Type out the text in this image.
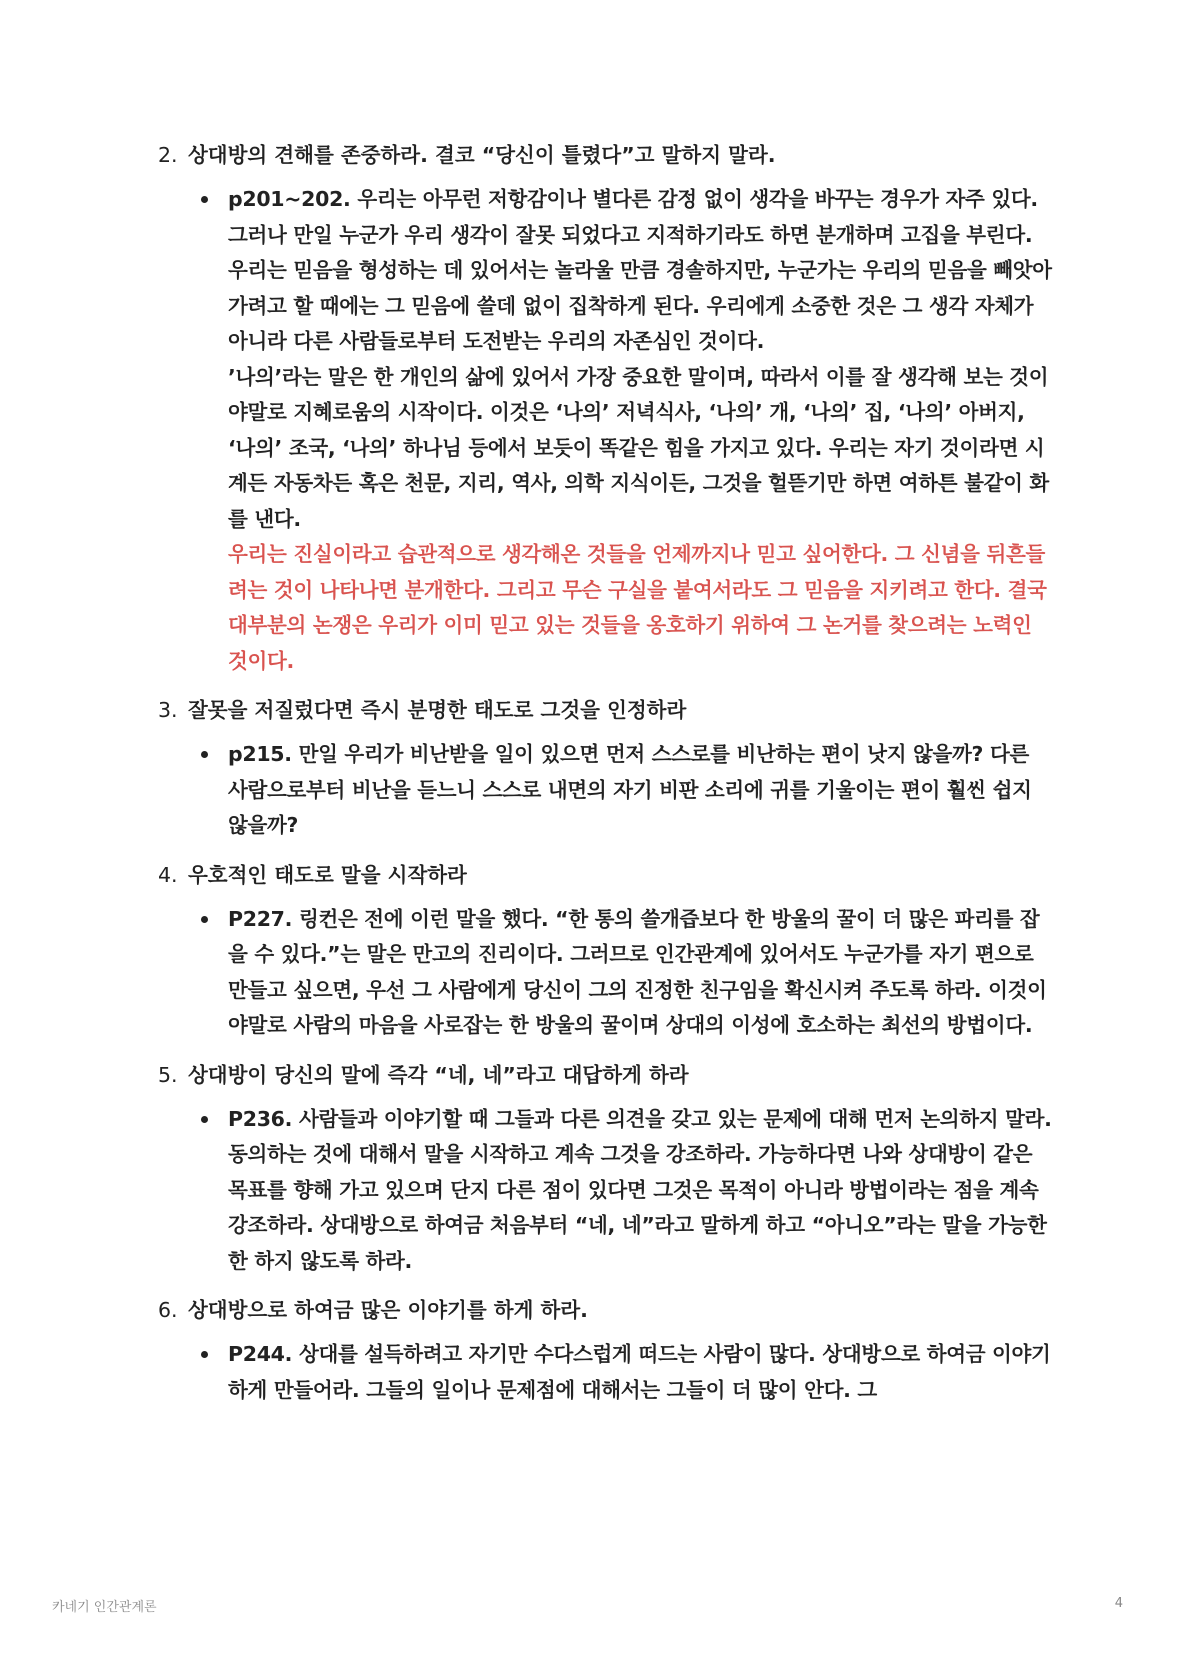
2. 상대방의 견해를 존중하라. 결코 “당신이 틀렸다”고 말하지 말라.

p201~202. 우리는 아무런 저항감이나 별다른 감정 없이 생각을 바꾸는 경우가 자주 있다. 그러나 만일 누군가 우리 생각이 잘못 되었다고 지적하기라도 하면 분개하며 고집을 부린다. 우리는 믿음을 형성하는 데 있어서는 놀라울 만큼 경솔하지만, 누군가는 우리의 믿음을 빼앗아 가려고 할 때에는 그 믿음에 쓸데 없이 집착하게 된다. 우리에게 소중한 것은 그 생각 자체가 아니라 다른 사람들로부터 도전받는 우리의 자존심인 것이다.

’나의’라는 말은 한 개인의 삶에 있어서 가장 중요한 말이며, 따라서 이를 잘 생각해 보는 것이야말로 지혜로움의 시작이다. 이것은 ‘나의’ 저녁식사, ‘나의’ 개, ‘나의’ 집, ‘나의’ 아버지, ‘나의’ 조국, ‘나의’ 하나님 등에서 보듯이 똑같은 힘을 가지고 있다. 우리는 자기 것이라면 시계든 자동차든 혹은 천문, 지리, 역사, 의학 지식이든, 그것을 헐뜯기만 하면 여하튼 불같이 화를 낸다.

우리는 진실이라고 습관적으로 생각해온 것들을 언제까지나 믿고 싶어한다. 그 신념을 뒤흔들려는 것이 나타나면 분개한다. 그리고 무슨 구실을 붙여서라도 그 믿음을 지키려고 한다. 결국 대부분의 논쟁은 우리가 이미 믿고 있는 것들을 옹호하기 위하여 그 논거를 찾으려는 노력인 것이다.

3. 잘못을 저질렀다면 즉시 분명한 태도로 그것을 인정하라

p215. 만일 우리가 비난받을 일이 있으면 먼저 스스로를 비난하는 편이 낫지 않을까? 다른 사람으로부터 비난을 듣느니 스스로 내면의 자기 비판 소리에 귀를 기울이는 편이 훨씬 쉽지 않을까?

4. 우호적인 태도로 말을 시작하라

P227. 링컨은 전에 이런 말을 했다. “한 통의 쓸개즙보다 한 방울의 꿀이 더 많은 파리를 잡을 수 있다.”는 말은 만고의 진리이다. 그러므로 인간관계에 있어서도 누군가를 자기 편으로 만들고 싶으면, 우선 그 사람에게 당신이 그의 진정한 친구임을 확신시켜 주도록 하라. 이것이야말로 사람의 마음을 사로잡는 한 방울의 꿀이며 상대의 이성에 호소하는 최선의 방법이다.

5. 상대방이 당신의 말에 즉각 “네, 네”라고 대답하게 하라

P236. 사람들과 이야기할 때 그들과 다른 의견을 갖고 있는 문제에 대해 먼저 논의하지 말라. 동의하는 것에 대해서 말을 시작하고 계속 그것을 강조하라. 가능하다면 나와 상대방이 같은 목표를 향해 가고 있으며 단지 다른 점이 있다면 그것은 목적이 아니라 방법이라는 점을 계속 강조하라. 상대방으로 하여금 처음부터 “네, 네”라고 말하게 하고 “아니오”라는 말을 가능한 한 하지 않도록 하라.

6. 상대방으로 하여금 많은 이야기를 하게 하라.

P244. 상대를 설득하려고 자기만 수다스럽게 떠드는 사람이 많다. 상대방으로 하여금 이야기하게 만들어라. 그들의 일이나 문제점에 대해서는 그들이 더 많이 안다. 그

카네기 인간관계론	4
